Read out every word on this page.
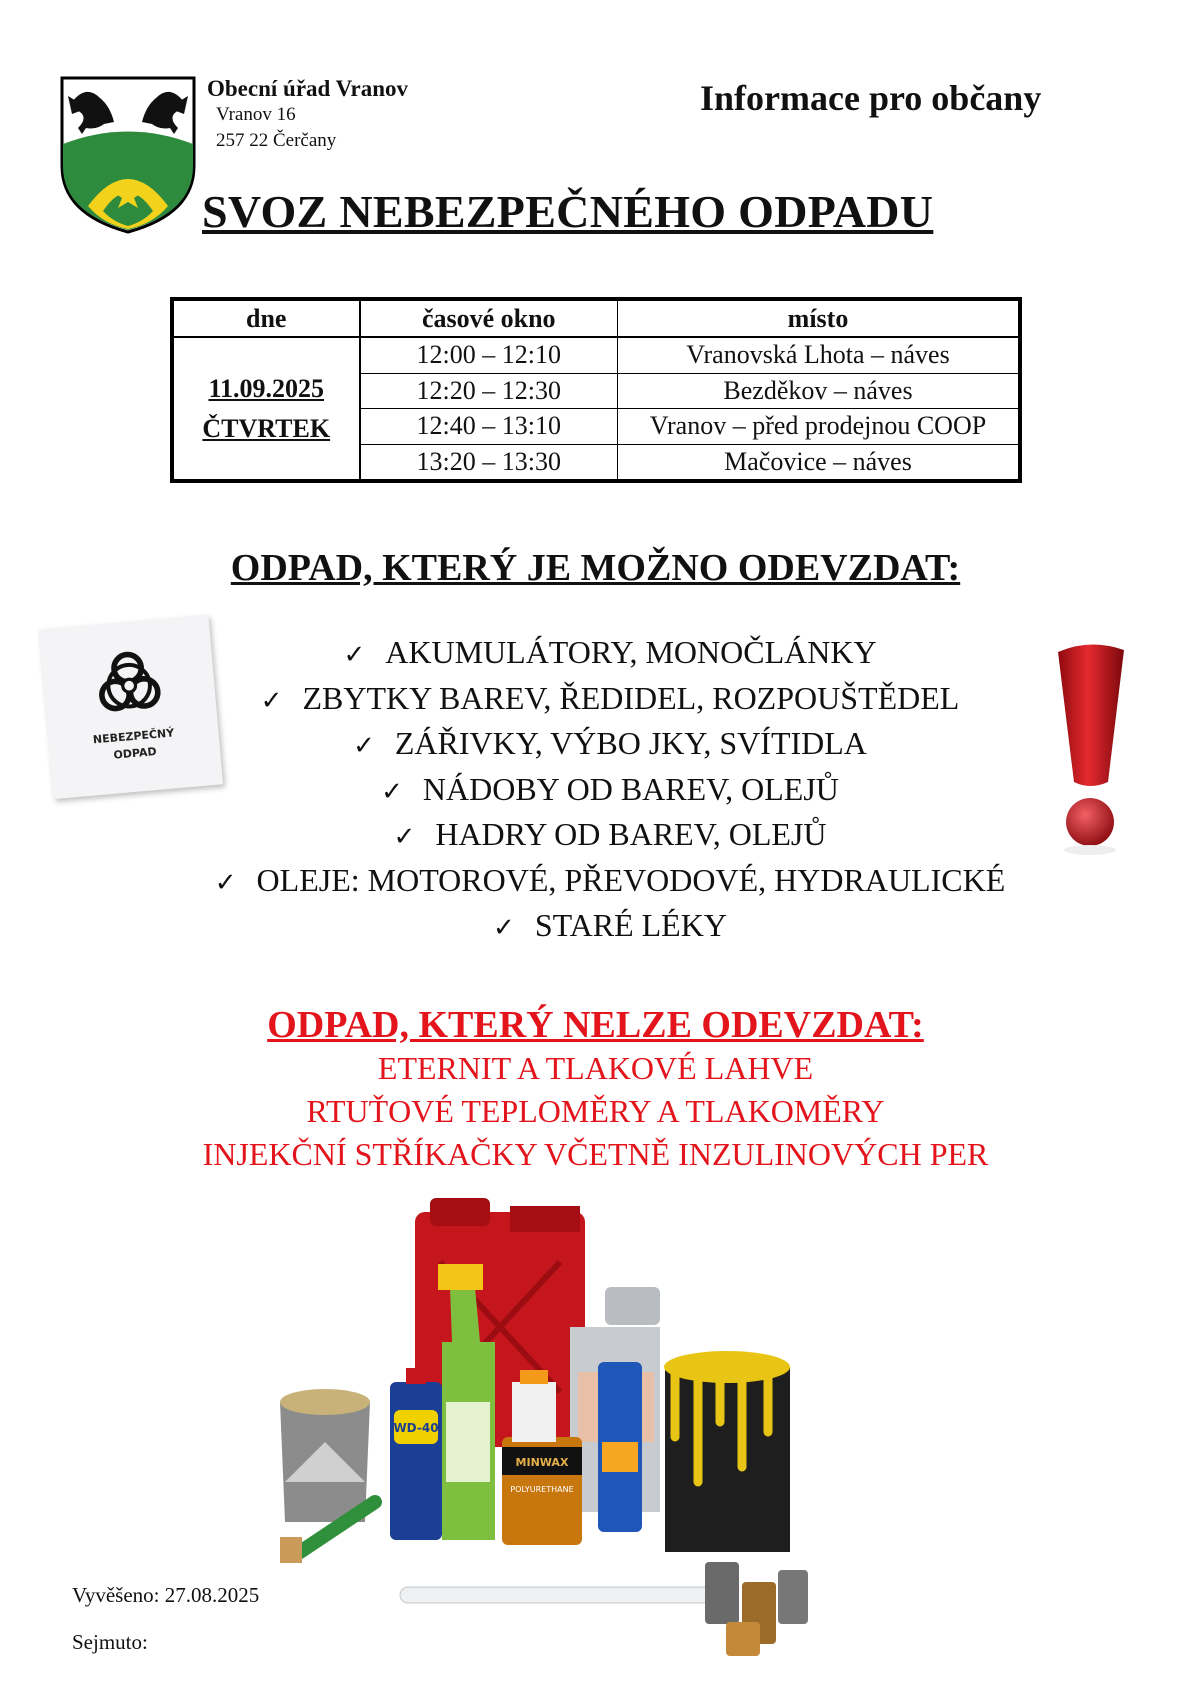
Obecní úřad Vranov
Vranov 16
257 22 Čerčany
Informace pro občany
SVOZ NEBEZPEČNÉHO ODPADU
dne	časové okno	místo

11.09.2025
ČTVRTEK	12:00 – 12:10	Vranovská Lhota – náves
	12:20 – 12:30	Bezděkov – náves
	12:40 – 13:10	Vranov – před prodejnou COOP
	13:20 – 13:30	Mačovice – náves
ODPAD, KTERÝ JE MOŽNO ODEVZDAT:
NEBEZPEČNÝ
ODPAD
✓ AKUMULÁTORY, MONOČLÁNKY
✓ ZBYTKY BAREV, ŘEDIDEL, ROZPOUŠTĚDEL
✓ ZÁŘIVKY, VÝBO JKY, SVÍTIDLA
✓ NÁDOBY OD BAREV, OLEJŮ
✓ HADRY OD BAREV, OLEJŮ
✓ OLEJE: MOTOROVÉ, PŘEVODOVÉ, HYDRAULICKÉ
✓ STARÉ LÉKY
ODPAD, KTERÝ NELZE ODEVZDAT:
ETERNIT A TLAKOVÉ LAHVE
RTUŤOVÉ TEPLOMĚRY A TLAKOMĚRY
INJEKČNÍ STŘÍKAČKY VČETNĚ INZULINOVÝCH PER
WD-40
MINWAX
POLYURETHANE
Vyvěšeno: 27.08.2025
Sejmuto:
